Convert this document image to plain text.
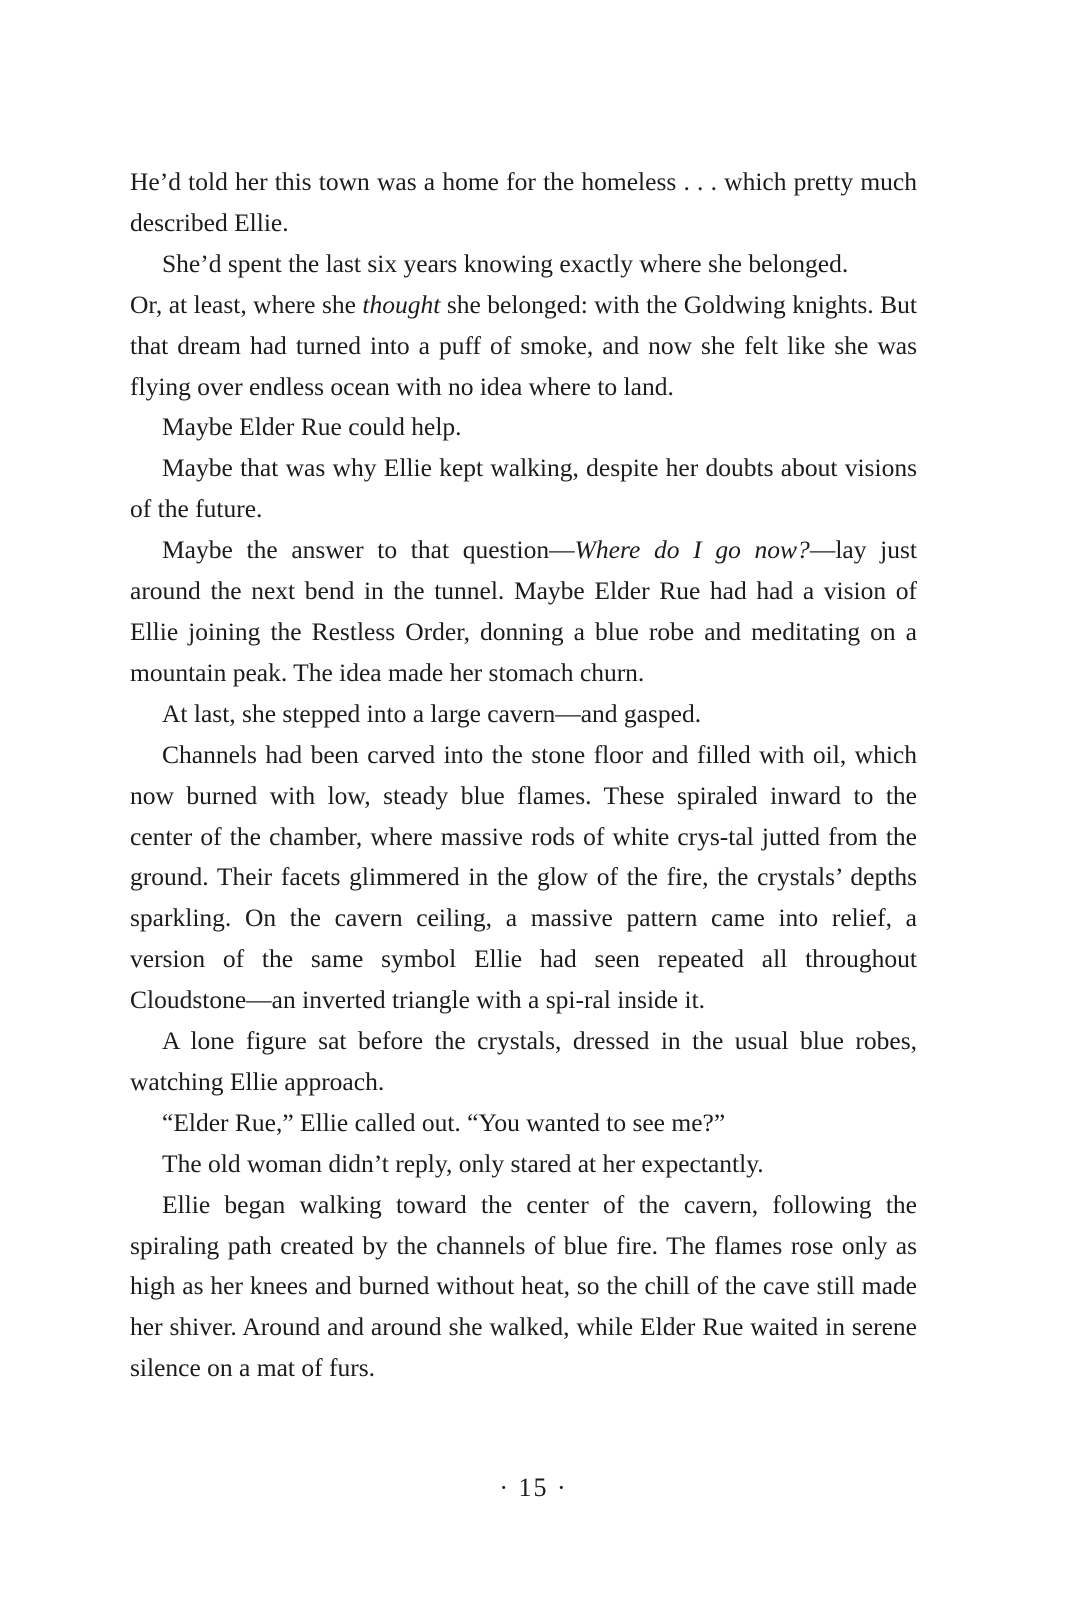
He’d told her this town was a home for the homeless . . . which pretty much described Ellie.

She’d spent the last six years knowing exactly where she belonged.

Or, at least, where she thought she belonged: with the Goldwing knights. But that dream had turned into a puff of smoke, and now she felt like she was flying over endless ocean with no idea where to land.

Maybe Elder Rue could help.

Maybe that was why Ellie kept walking, despite her doubts about visions of the future.

Maybe the answer to that question—Where do I go now?—lay just around the next bend in the tunnel. Maybe Elder Rue had had a vision of Ellie joining the Restless Order, donning a blue robe and meditating on a mountain peak. The idea made her stomach churn.

At last, she stepped into a large cavern—and gasped.

Channels had been carved into the stone floor and filled with oil, which now burned with low, steady blue flames. These spiraled inward to the center of the chamber, where massive rods of white crys-tal jutted from the ground. Their facets glimmered in the glow of the fire, the crystals’ depths sparkling. On the cavern ceiling, a massive pattern came into relief, a version of the same symbol Ellie had seen repeated all throughout Cloudstone—an inverted triangle with a spi-ral inside it.

A lone figure sat before the crystals, dressed in the usual blue robes, watching Ellie approach.

“Elder Rue,” Ellie called out. “You wanted to see me?”

The old woman didn’t reply, only stared at her expectantly.

Ellie began walking toward the center of the cavern, following the spiraling path created by the channels of blue fire. The flames rose only as high as her knees and burned without heat, so the chill of the cave still made her shiver. Around and around she walked, while Elder Rue waited in serene silence on a mat of furs.

· 15 ·
